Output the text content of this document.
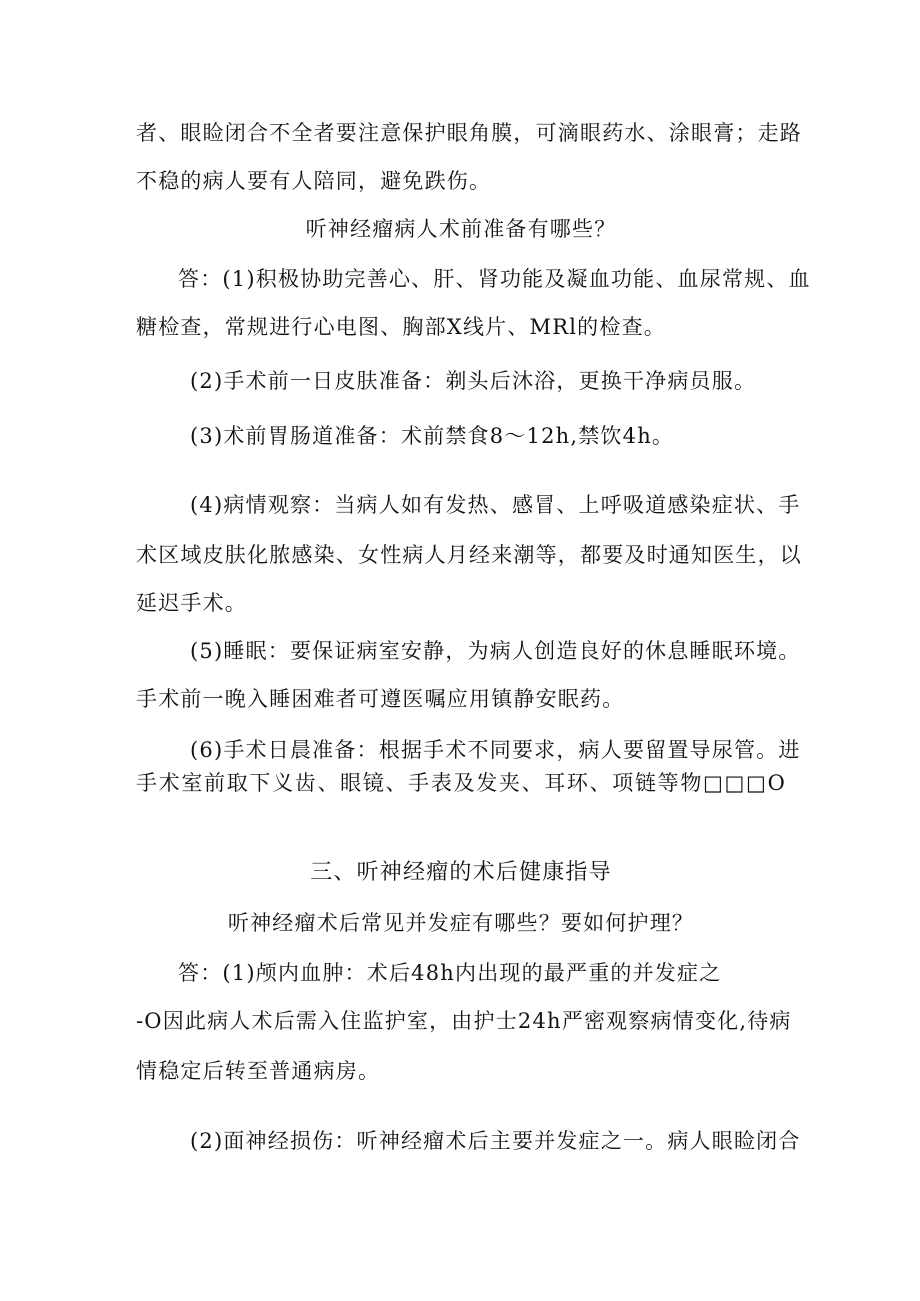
者、眼睑闭合不全者要注意保护眼角膜，可滴眼药水、涂眼膏；走路
不稳的病人要有人陪同，避免跌伤。
听神经瘤病人术前准备有哪些？
答：(1)积极协助完善心、肝、肾功能及凝血功能、血尿常规、血
糖检查，常规进行心电图、胸部X线片、MRl的检查。
(2)手术前一日皮肤准备：剃头后沐浴，更换干净病员服。
(3)术前胃肠道准备：术前禁食8～12h,禁饮4h。
(4)病情观察：当病人如有发热、感冒、上呼吸道感染症状、手
术区域皮肤化脓感染、女性病人月经来潮等，都要及时通知医生，以
延迟手术。
(5)睡眠：要保证病室安静，为病人创造良好的休息睡眠环境。
手术前一晚入睡困难者可遵医嘱应用镇静安眠药。
(6)手术日晨准备：根据手术不同要求，病人要留置导尿管。进
手术室前取下义齿、眼镜、手表及发夹、耳环、项链等物□□□O
三、听神经瘤的术后健康指导
听神经瘤术后常见并发症有哪些？要如何护理？
答：(1)颅内血肿：术后48h内出现的最严重的并发症之
-O因此病人术后需入住监护室，由护士24h严密观察病情变化,待病
情稳定后转至普通病房。
(2)面神经损伤：听神经瘤术后主要并发症之一。病人眼睑闭合
